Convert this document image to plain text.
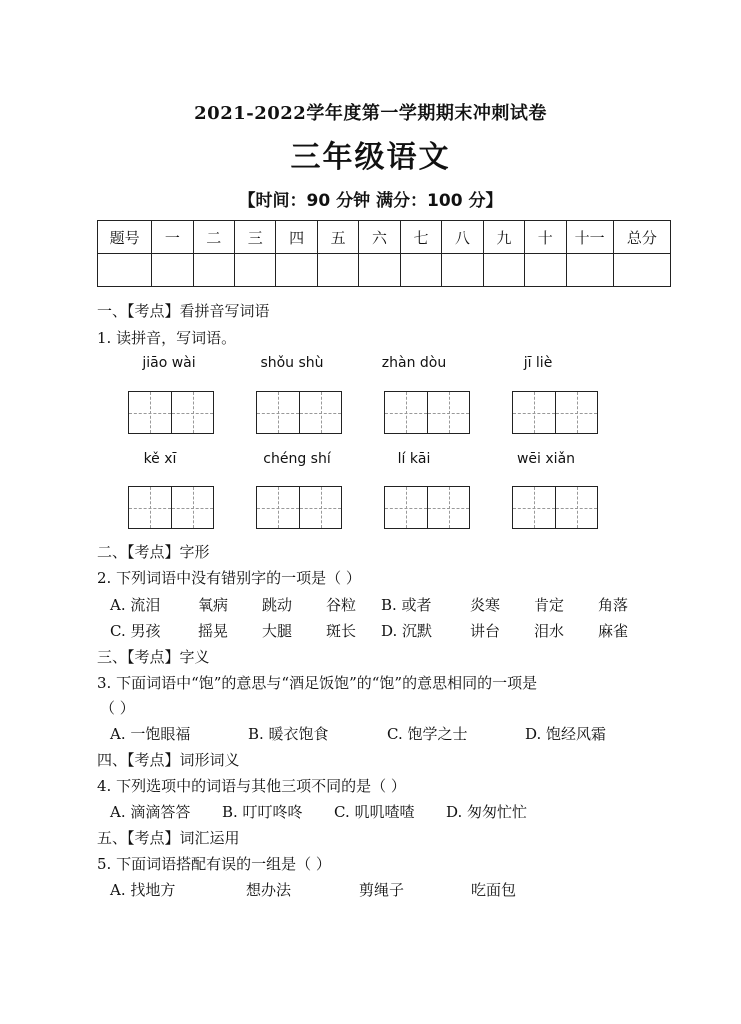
2021-2022学年度第一学期期末冲刺试卷
三年级语文
【时间：90 分钟 满分：100 分】
题号	一	二	三	四	五	六	七	八	九	十	十一	总分

一、【考点】看拼音写词语
1. 读拼音，写词语。
jiāo wài	shǒu shù	zhàn dòu	jī liè
kě xī	chéng shí	lí kāi	wēi xiǎn
二、【考点】字形
2. 下列词语中没有错别字的一项是（ ）
A. 流泪	氧病 跳动 谷粒 B. 或者	炎寒 肯定 角落
C. 男孩	摇晃 大腿 斑长 D. 沉默	讲台 泪水 麻雀
三、【考点】字义
3. 下面词语中“饱”的意思与“酒足饭饱”的“饱”的意思相同的一项是
（ ）
A. 一饱眼福	B. 暖衣饱食	C. 饱学之士	D. 饱经风霜
四、【考点】词形词义
4. 下列选项中的词语与其他三项不同的是（ ）
A. 滴滴答答 B. 叮叮咚咚 C. 叽叽喳喳 D. 匆匆忙忙
五、【考点】词汇运用
5. 下面词语搭配有误的一组是（ ）
A. 找地方	想办法	剪绳子	吃面包
